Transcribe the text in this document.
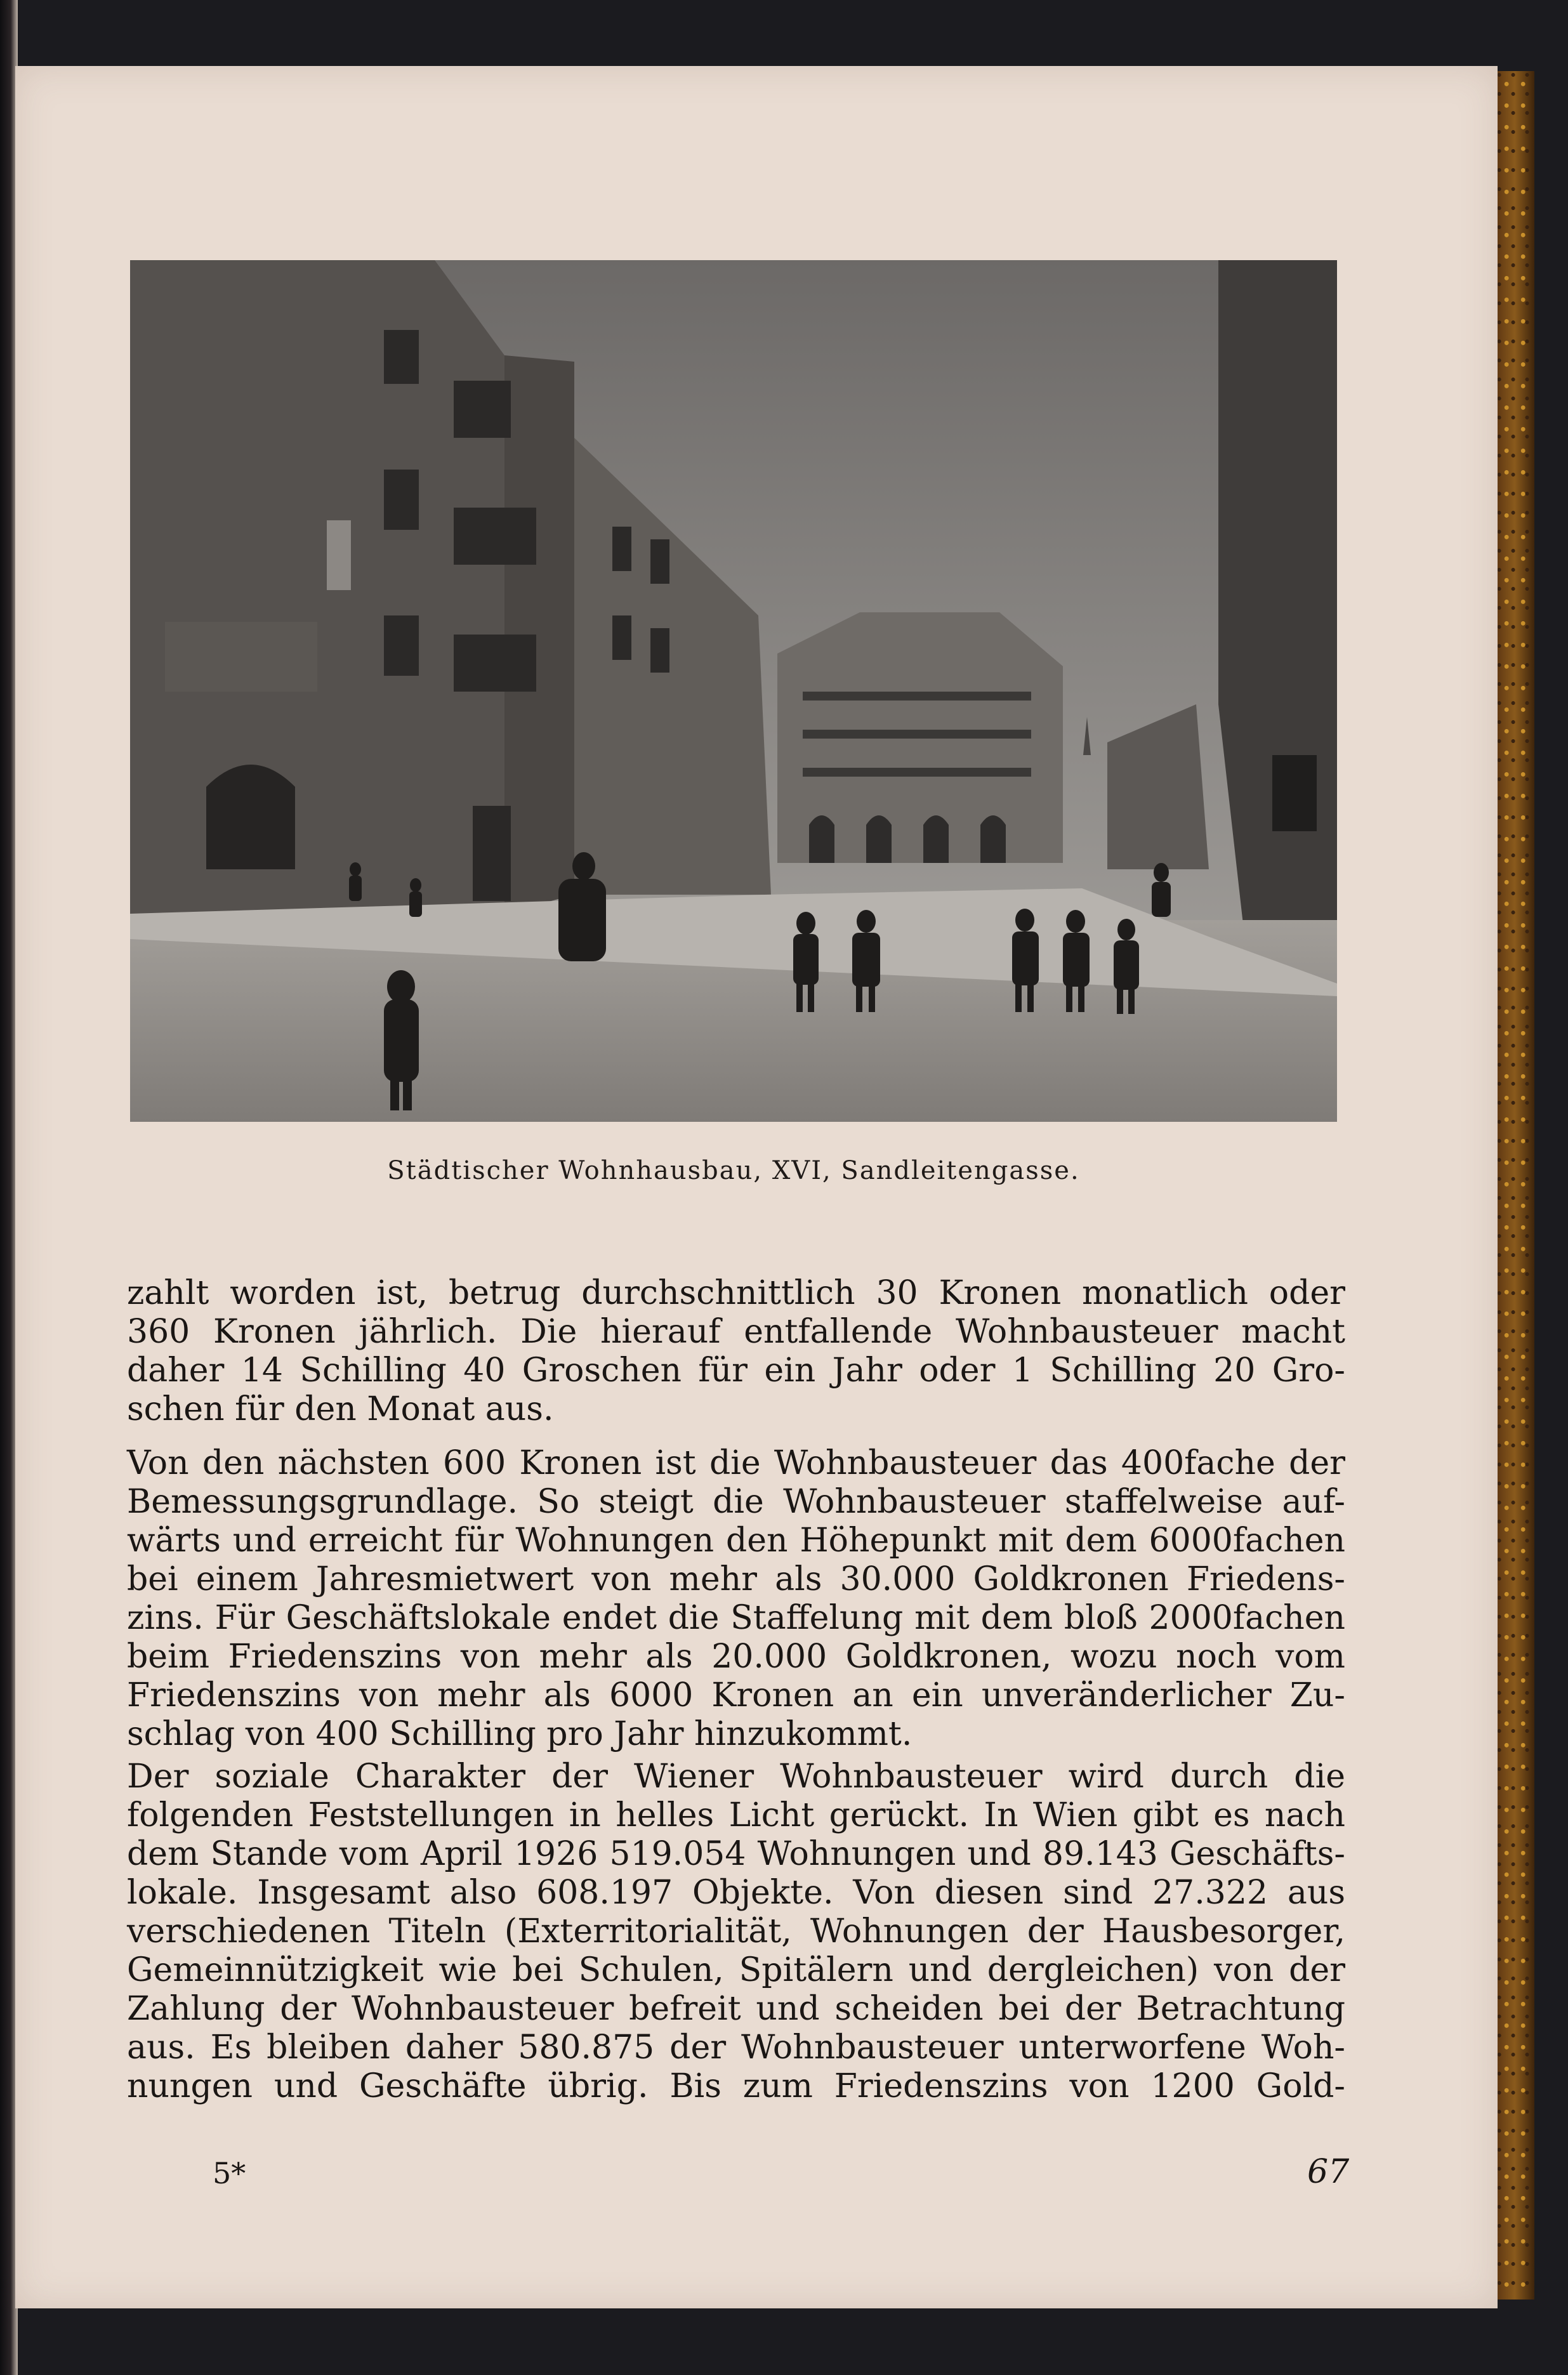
Städtischer Wohnhausbau, XVI, Sandleitengasse.
zahlt worden ist, betrug durchschnittlich 30 Kronen monatlich oder
360 Kronen jährlich. Die hierauf entfallende Wohnbausteuer macht
daher 14 Schilling 40 Groschen für ein Jahr oder 1 Schilling 20 Gro-
schen für den Monat aus.
Von den nächsten 600 Kronen ist die Wohnbausteuer das 400fache der
Bemessungsgrundlage. So steigt die Wohnbausteuer staffelweise auf-
wärts und erreicht für Wohnungen den Höhepunkt mit dem 6000fachen
bei einem Jahresmietwert von mehr als 30.000 Goldkronen Friedens-
zins. Für Geschäftslokale endet die Staffelung mit dem bloß 2000fachen
beim Friedenszins von mehr als 20.000 Goldkronen, wozu noch vom
Friedenszins von mehr als 6000 Kronen an ein unveränderlicher Zu-
schlag von 400 Schilling pro Jahr hinzukommt.
Der soziale Charakter der Wiener Wohnbausteuer wird durch die
folgenden Feststellungen in helles Licht gerückt. In Wien gibt es nach
dem Stande vom April 1926 519.054 Wohnungen und 89.143 Geschäfts-
lokale. Insgesamt also 608.197 Objekte. Von diesen sind 27.322 aus
verschiedenen Titeln (Exterritorialität, Wohnungen der Hausbesorger,
Gemeinnützigkeit wie bei Schulen, Spitälern und dergleichen) von der
Zahlung der Wohnbausteuer befreit und scheiden bei der Betrachtung
aus. Es bleiben daher 580.875 der Wohnbausteuer unterworfene Woh-
nungen und Geschäfte übrig. Bis zum Friedenszins von 1200 Gold-
5*	67
